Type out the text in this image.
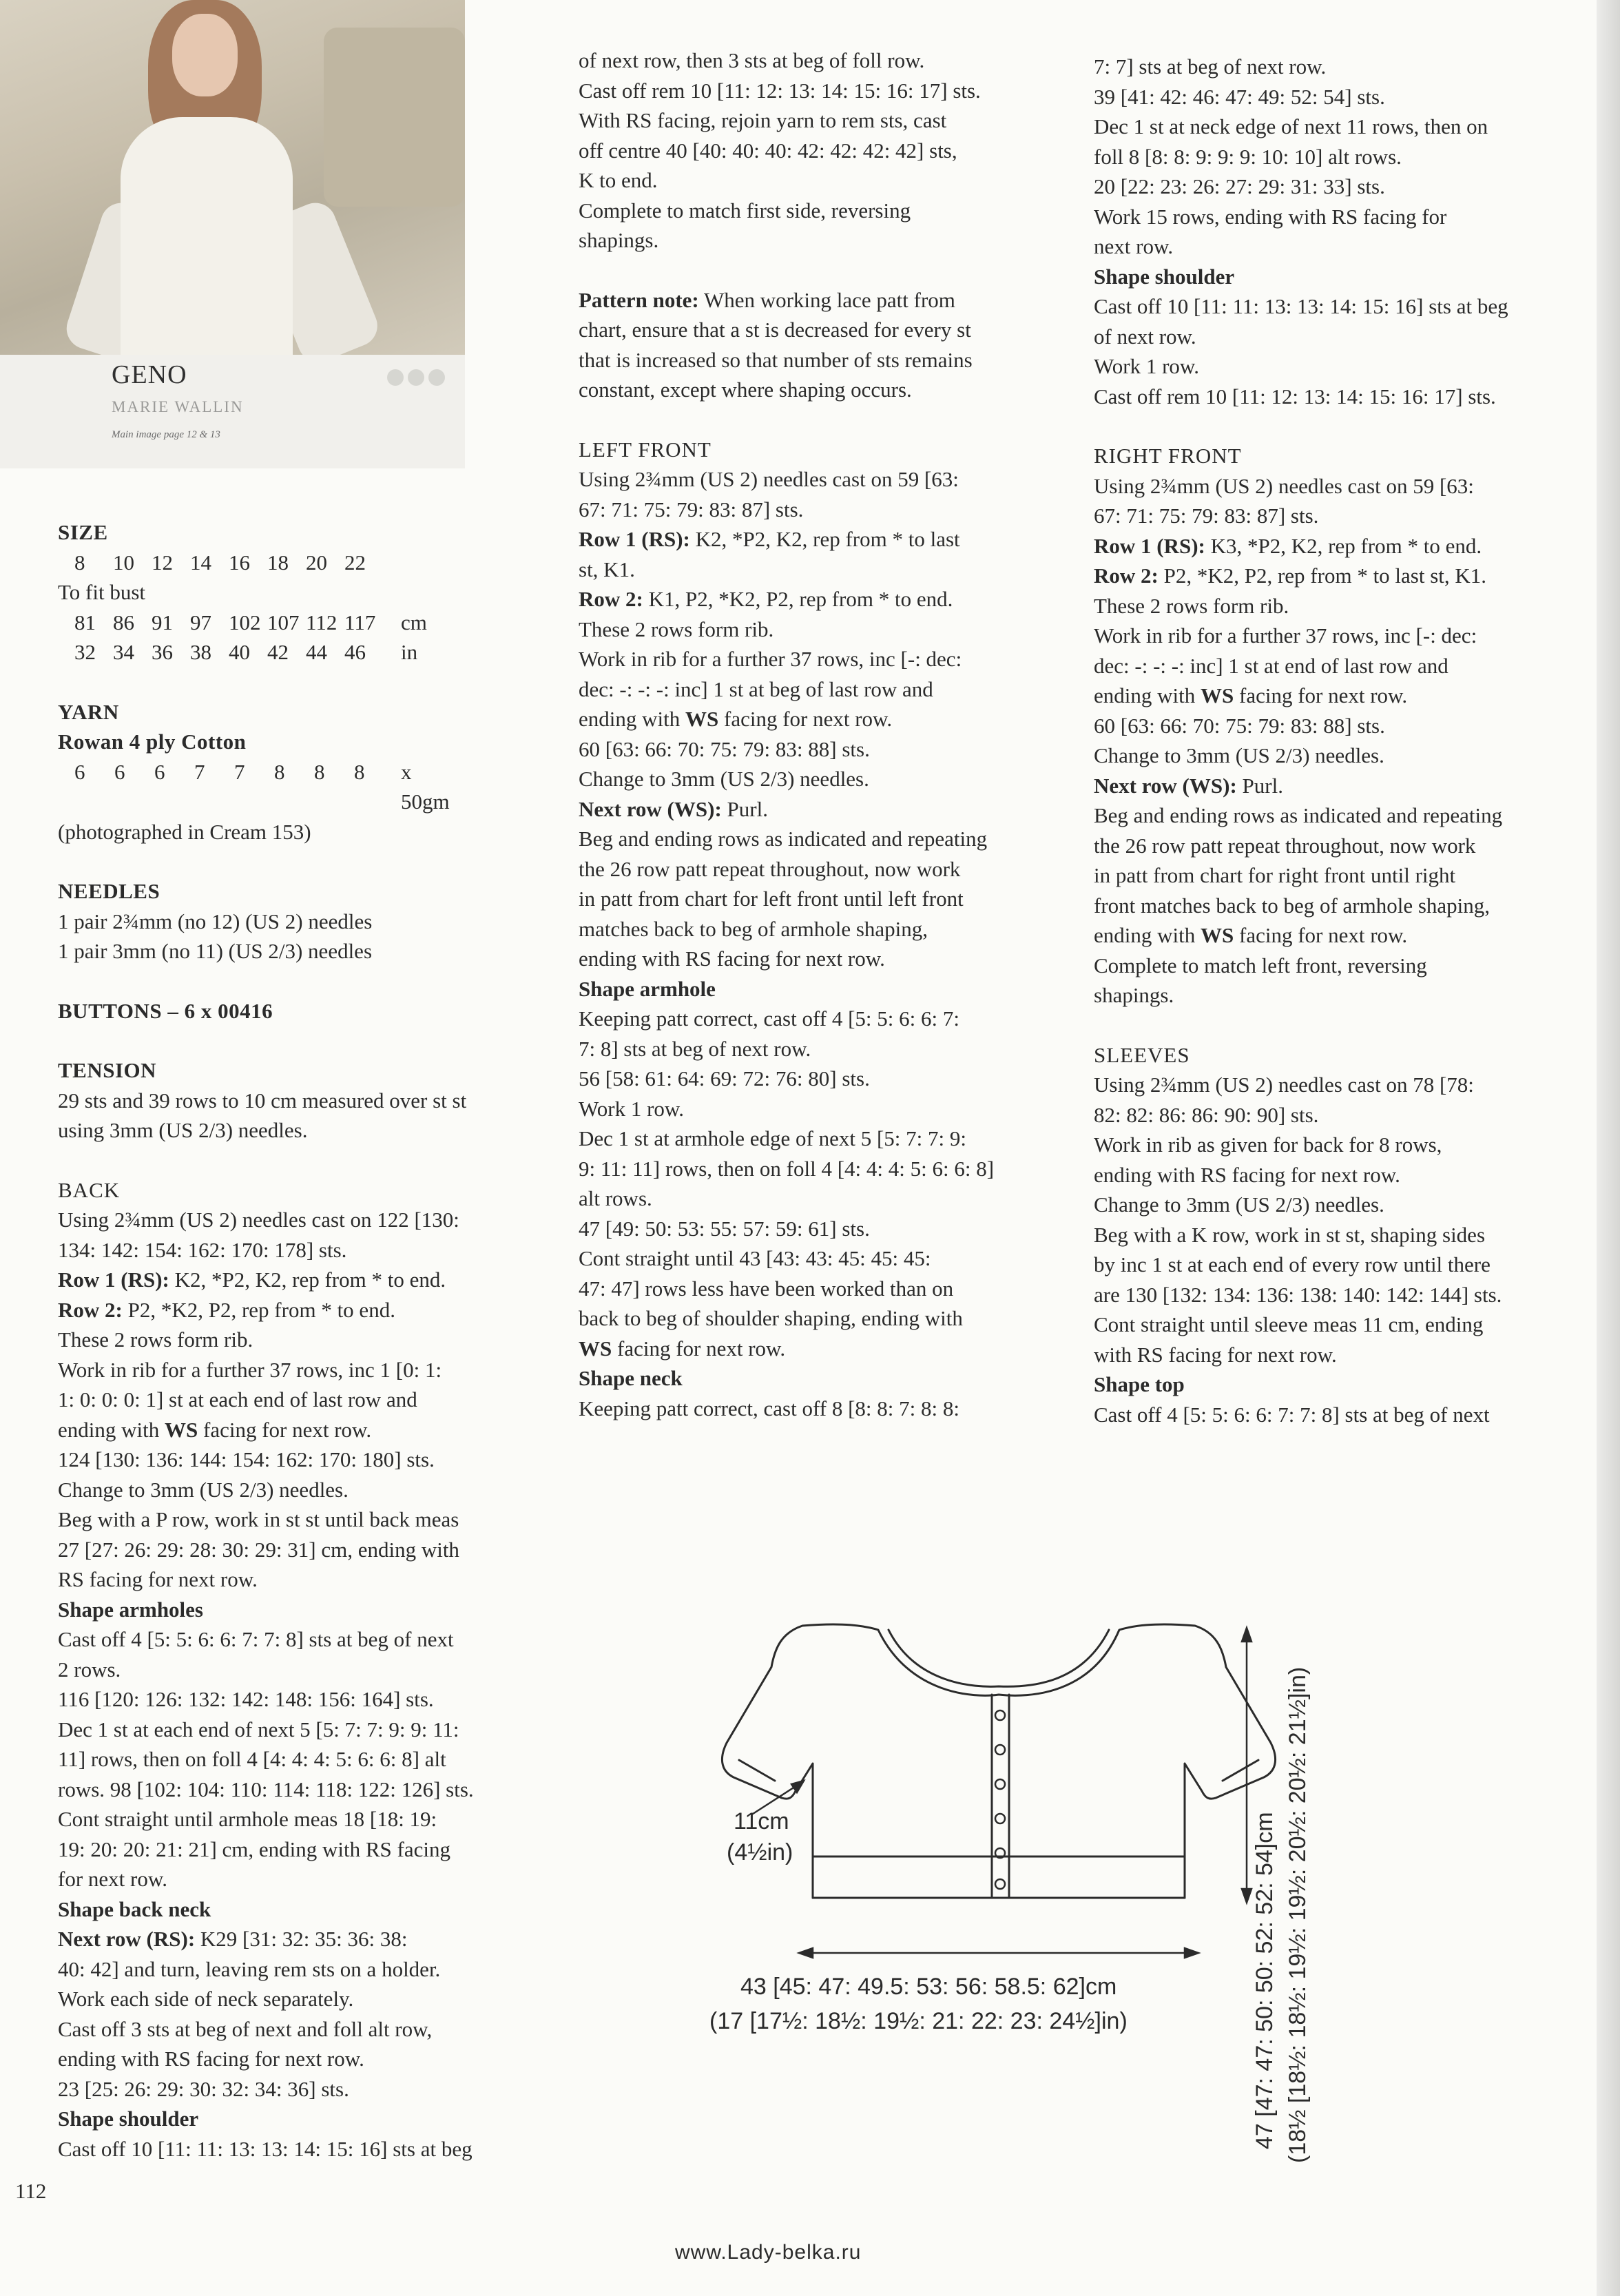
GENO
MARIE WALLIN
Main image page 12 & 13

SIZE

8	10 12 14 16 18 20 22

To fit bust

81 86 91 97 102 107 112 117	cm
32 34 36 38 40 42 44 46	in

YARN

Rowan 4 ply Cotton

6	6	6	7	7	8	8	8	x 50gm

(photographed in Cream 153)

NEEDLES

1 pair 2¾mm (no 12) (US 2) needles

1 pair 3mm (no 11) (US 2/3) needles

BUTTONS – 6 x 00416

TENSION

29 sts and 39 rows to 10 cm measured over st st

using 3mm (US 2/3) needles.

BACK

Using 2¾mm (US 2) needles cast on 122 [130:

134: 142: 154: 162: 170: 178] sts.

Row 1 (RS): K2, *P2, K2, rep from * to end.

Row 2: P2, *K2, P2, rep from * to end.

These 2 rows form rib.

Work in rib for a further 37 rows, inc 1 [0: 1:

1: 0: 0: 0: 1] st at each end of last row and

ending with WS facing for next row.

124 [130: 136: 144: 154: 162: 170: 180] sts.

Change to 3mm (US 2/3) needles.

Beg with a P row, work in st st until back meas

27 [27: 26: 29: 28: 30: 29: 31] cm, ending with

RS facing for next row.

Shape armholes

Cast off 4 [5: 5: 6: 6: 7: 7: 8] sts at beg of next

2 rows.

116 [120: 126: 132: 142: 148: 156: 164] sts.

Dec 1 st at each end of next 5 [5: 7: 7: 9: 9: 11:

11] rows, then on foll 4 [4: 4: 4: 5: 6: 6: 8] alt

rows. 98 [102: 104: 110: 114: 118: 122: 126] sts.

Cont straight until armhole meas 18 [18: 19:

19: 20: 20: 21: 21] cm, ending with RS facing

for next row.

Shape back neck

Next row (RS): K29 [31: 32: 35: 36: 38:

40: 42] and turn, leaving rem sts on a holder.

Work each side of neck separately.

Cast off 3 sts at beg of next and foll alt row,

ending with RS facing for next row.

23 [25: 26: 29: 30: 32: 34: 36] sts.

Shape shoulder

Cast off 10 [11: 11: 13: 13: 14: 15: 16] sts at beg

of next row, then 3 sts at beg of foll row.

Cast off rem 10 [11: 12: 13: 14: 15: 16: 17] sts.

With RS facing, rejoin yarn to rem sts, cast

off centre 40 [40: 40: 40: 42: 42: 42: 42] sts,

K to end.

Complete to match first side, reversing

shapings.

Pattern note: When working lace patt from

chart, ensure that a st is decreased for every st

that is increased so that number of sts remains

constant, except where shaping occurs.

LEFT FRONT

Using 2¾mm (US 2) needles cast on 59 [63:

67: 71: 75: 79: 83: 87] sts.

Row 1 (RS): K2, *P2, K2, rep from * to last

st, K1.

Row 2: K1, P2, *K2, P2, rep from * to end.

These 2 rows form rib.

Work in rib for a further 37 rows, inc [-: dec:

dec: -: -: -: inc] 1 st at beg of last row and

ending with WS facing for next row.

60 [63: 66: 70: 75: 79: 83: 88] sts.

Change to 3mm (US 2/3) needles.

Next row (WS): Purl.

Beg and ending rows as indicated and repeating

the 26 row patt repeat throughout, now work

in patt from chart for left front until left front

matches back to beg of armhole shaping,

ending with RS facing for next row.

Shape armhole

Keeping patt correct, cast off 4 [5: 5: 6: 6: 7:

7: 8] sts at beg of next row.

56 [58: 61: 64: 69: 72: 76: 80] sts.

Work 1 row.

Dec 1 st at armhole edge of next 5 [5: 7: 7: 9:

9: 11: 11] rows, then on foll 4 [4: 4: 4: 5: 6: 6: 8]

alt rows.

47 [49: 50: 53: 55: 57: 59: 61] sts.

Cont straight until 43 [43: 43: 45: 45: 45:

47: 47] rows less have been worked than on

back to beg of shoulder shaping, ending with

WS facing for next row.

Shape neck

Keeping patt correct, cast off 8 [8: 8: 7: 8: 8:

7: 7] sts at beg of next row.

39 [41: 42: 46: 47: 49: 52: 54] sts.

Dec 1 st at neck edge of next 11 rows, then on

foll 8 [8: 8: 9: 9: 9: 10: 10] alt rows.

20 [22: 23: 26: 27: 29: 31: 33] sts.

Work 15 rows, ending with RS facing for

next row.

Shape shoulder

Cast off 10 [11: 11: 13: 13: 14: 15: 16] sts at beg

of next row.

Work 1 row.

Cast off rem 10 [11: 12: 13: 14: 15: 16: 17] sts.

RIGHT FRONT

Using 2¾mm (US 2) needles cast on 59 [63:

67: 71: 75: 79: 83: 87] sts.

Row 1 (RS): K3, *P2, K2, rep from * to end.

Row 2: P2, *K2, P2, rep from * to last st, K1.

These 2 rows form rib.

Work in rib for a further 37 rows, inc [-: dec:

dec: -: -: -: inc] 1 st at end of last row and

ending with WS facing for next row.

60 [63: 66: 70: 75: 79: 83: 88] sts.

Change to 3mm (US 2/3) needles.

Next row (WS): Purl.

Beg and ending rows as indicated and repeating

the 26 row patt repeat throughout, now work

in patt from chart for right front until right

front matches back to beg of armhole shaping,

ending with WS facing for next row.

Complete to match left front, reversing

shapings.

SLEEVES

Using 2¾mm (US 2) needles cast on 78 [78:

82: 82: 86: 86: 90: 90] sts.

Work in rib as given for back for 8 rows,

ending with RS facing for next row.

Change to 3mm (US 2/3) needles.

Beg with a K row, work in st st, shaping sides

by inc 1 st at each end of every row until there

are 130 [132: 134: 136: 138: 140: 142: 144] sts.

Cont straight until sleeve meas 11 cm, ending

with RS facing for next row.

Shape top

Cast off 4 [5: 5: 6: 6: 7: 7: 8] sts at beg of next

11cm
(4½in)
43 [45: 47: 49.5: 53: 56: 58.5: 62]cm
(17 [17½: 18½: 19½: 21: 22: 23: 24½]in)	47 [47: 47: 50: 50: 52: 52: 54]cm (18½ [18½: 18½: 19½: 19½: 20½: 20½: 21½]in)
112
www.Lady-belka.ru
